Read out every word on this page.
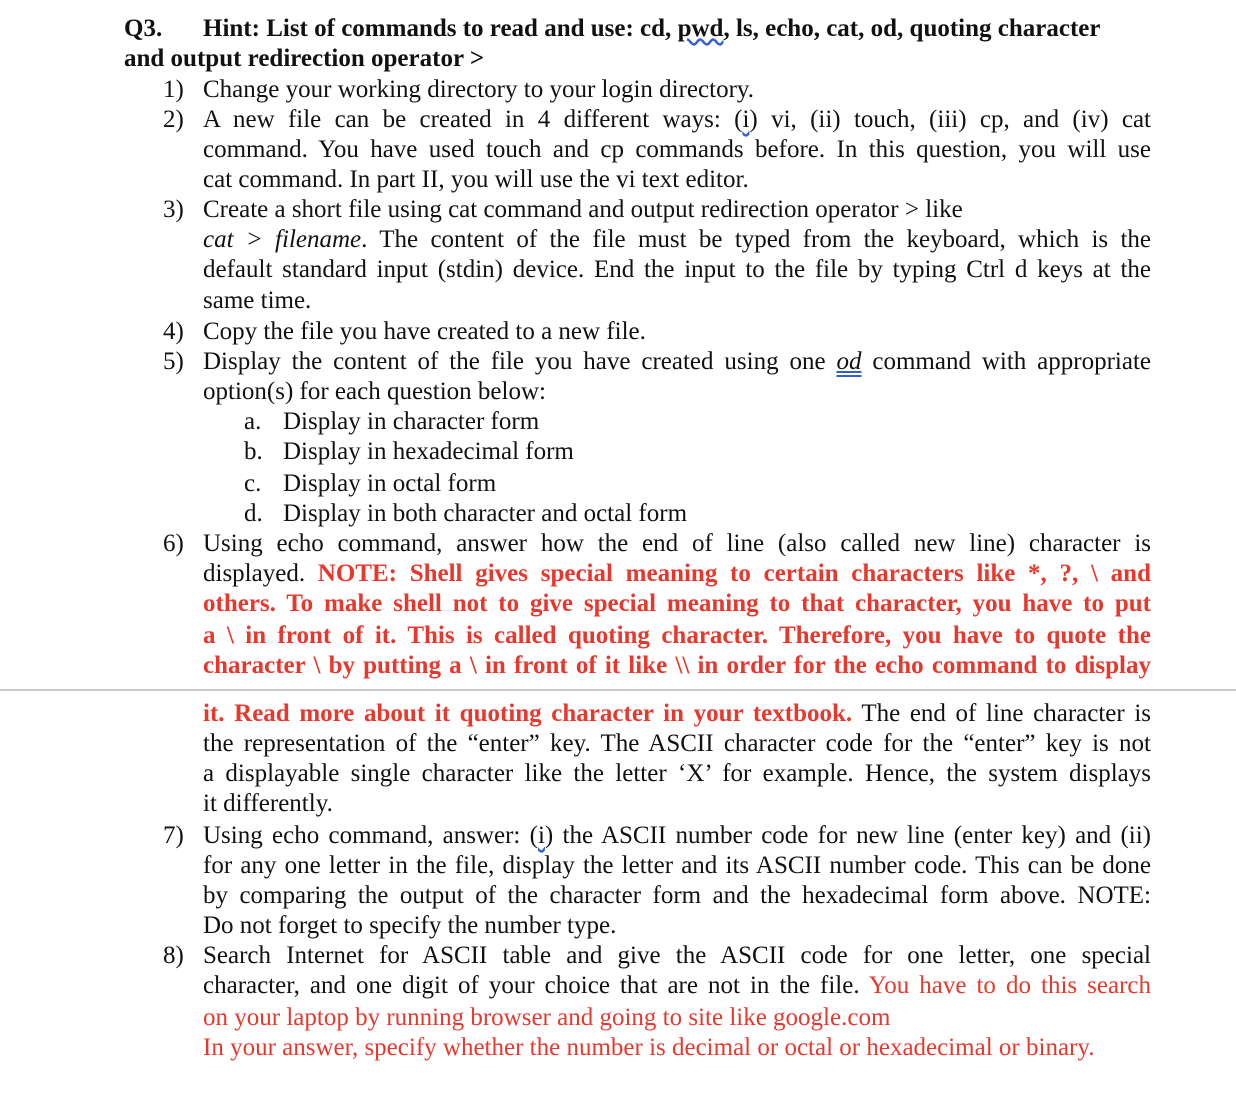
Q3. Hint: List of commands to read and use: cd, pwd, ls, echo, cat, od, quoting character
and output redirection operator >
1) Change your working directory to your login directory.
2) A new file can be created in 4 different ways: (i) vi, (ii) touch, (iii) cp, and (iv) cat
command. You have used touch and cp commands before. In this question, you will use
cat command. In part II, you will use the vi text editor.
3) Create a short file using cat command and output redirection operator > like
cat > filename. The content of the file must be typed from the keyboard, which is the
default standard input (stdin) device. End the input to the file by typing Ctrl d keys at the
same time.
4) Copy the file you have created to a new file.
5) Display the content of the file you have created using one od command with appropriate
option(s) for each question below:
a. Display in character form
b. Display in hexadecimal form
c. Display in octal form
d. Display in both character and octal form
6) Using echo command, answer how the end of line (also called new line) character is
displayed. NOTE: Shell gives special meaning to certain characters like *, ?, \ and
others. To make shell not to give special meaning to that character, you have to put
a \ in front of it. This is called quoting character. Therefore, you have to quote the
character \ by putting a \ in front of it like \\ in order for the echo command to display
it. Read more about it quoting character in your textbook. The end of line character is
the representation of the “enter” key. The ASCII character code for the “enter” key is not
a displayable single character like the letter ‘X’ for example. Hence, the system displays
it differently.
7) Using echo command, answer: (i) the ASCII number code for new line (enter key) and (ii)
for any one letter in the file, display the letter and its ASCII number code. This can be done
by comparing the output of the character form and the hexadecimal form above. NOTE:
Do not forget to specify the number type.
8) Search Internet for ASCII table and give the ASCII code for one letter, one special
character, and one digit of your choice that are not in the file. You have to do this search
on your laptop by running browser and going to site like google.com
In your answer, specify whether the number is decimal or octal or hexadecimal or binary.
